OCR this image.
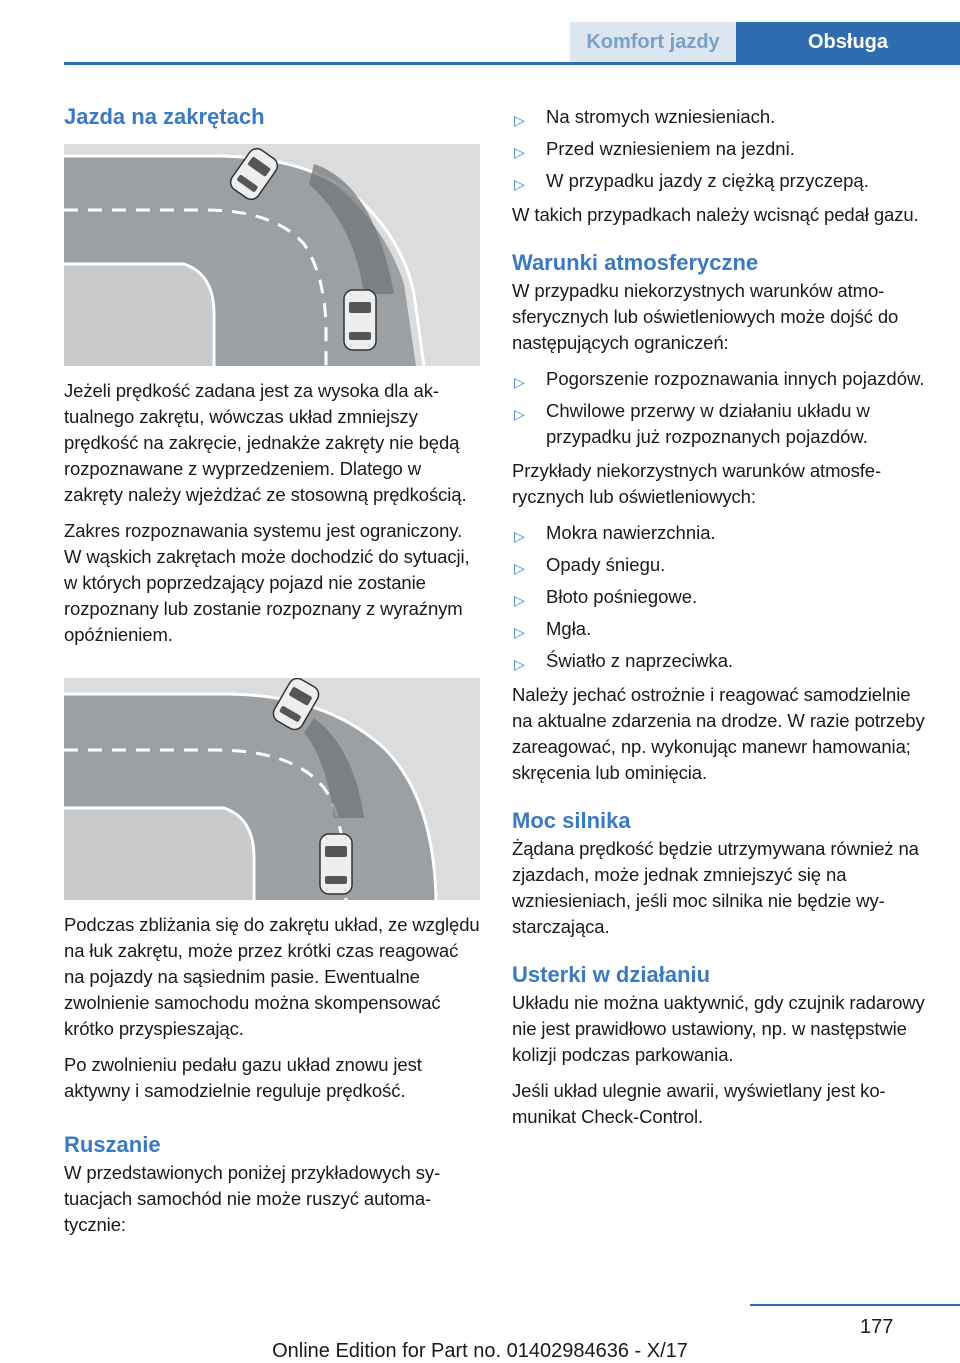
Komfort jazdy	Obsługa
Jazda na zakrętach

Jeżeli prędkość zadana jest za wysoka dla aktualnego zakrętu, wówczas układ zmniejszy prędkość na zakręcie, jednakże zakręty nie będą rozpoznawane z wyprzedzeniem. Dlatego w zakręty należy wjeżdżać ze stosowną prędkością.

Zakres rozpoznawania systemu jest ograniczony. W wąskich zakrętach może dochodzić do sytuacji, w których poprzedzający pojazd nie zostanie rozpoznany lub zostanie rozpoznany z wyraźnym opóźnieniem.

Podczas zbliżania się do zakrętu układ, ze względu na łuk zakrętu, może przez krótki czas reagować na pojazdy na sąsiednim pasie. Ewentualne zwolnienie samochodu można skompensować krótko przyspieszając.

Po zwolnieniu pedału gazu układ znowu jest aktywny i samodzielnie reguluje prędkość.

Ruszanie

W przedstawionych poniżej przykładowych sytuacjach samochód nie może ruszyć automatycznie:

▷ Na stromych wzniesieniach.
▷ Przed wzniesieniem na jezdni.
▷ W przypadku jazdy z ciężką przyczepą.

W takich przypadkach należy wcisnąć pedał gazu.

Warunki atmosferyczne

W przypadku niekorzystnych warunków atmosferycznych lub oświetleniowych może dojść do następujących ograniczeń:

▷ Pogorszenie rozpoznawania innych pojazdów.
▷ Chwilowe przerwy w działaniu układu w przypadku już rozpoznanych pojazdów.

Przykłady niekorzystnych warunków atmosferycznych lub oświetleniowych:

▷ Mokra nawierzchnia.
▷ Opady śniegu.
▷ Błoto pośniegowe.
▷ Mgła.
▷ Światło z naprzeciwka.

Należy jechać ostrożnie i reagować samodzielnie na aktualne zdarzenia na drodze. W razie potrzeby zareagować, np. wykonując manewr hamowania; skręcenia lub ominięcia.

Moc silnika

Żądana prędkość będzie utrzymywana również na zjazdach, może jednak zmniejszyć się na wzniesieniach, jeśli moc silnika nie będzie wystarczająca.

Usterki w działaniu

Układu nie można uaktywnić, gdy czujnik radarowy nie jest prawidłowo ustawiony, np. w następstwie kolizji podczas parkowania.

Jeśli układ ulegnie awarii, wyświetlany jest komunikat Check-Control.

177
Online Edition for Part no. 01402984636 - X/17
